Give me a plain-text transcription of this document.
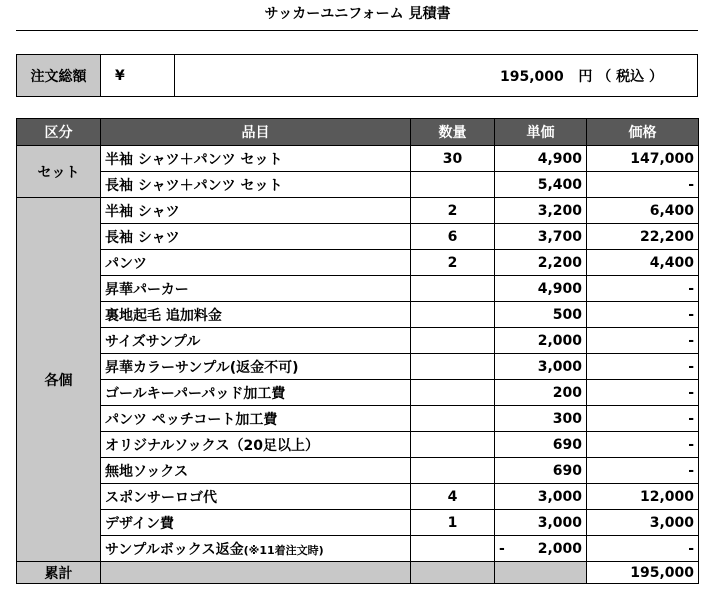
サッカーユニフォーム 見積書
注文総額	¥	195,000 円 （ 税込 ）
区分	品目	数量	単価	価格
セット	半袖 シャツ＋パンツ セット	30	4,900	147,000
	長袖 シャツ＋パンツ セット		5,400	-
各個	半袖 シャツ	2	3,200	6,400
	長袖 シャツ	6	3,700	22,200
	パンツ	2	2,200	4,400
	昇華パーカー		4,900	-
	裏地起毛 追加料金		500	-
	サイズサンプル		2,000	-
	昇華カラーサンプル(返金不可)		3,000	-
	ゴールキーパーパッド加工費		200	-
	パンツ ペッチコート加工費		300	-
	オリジナルソックス（20足以上）		690	-
	無地ソックス		690	-
	スポンサーロゴ代	4	3,000	12,000
	デザイン費	1	3,000	3,000
	サンプルボックス返金(※11着注文時)		- 2,000	-
累計				195,000
